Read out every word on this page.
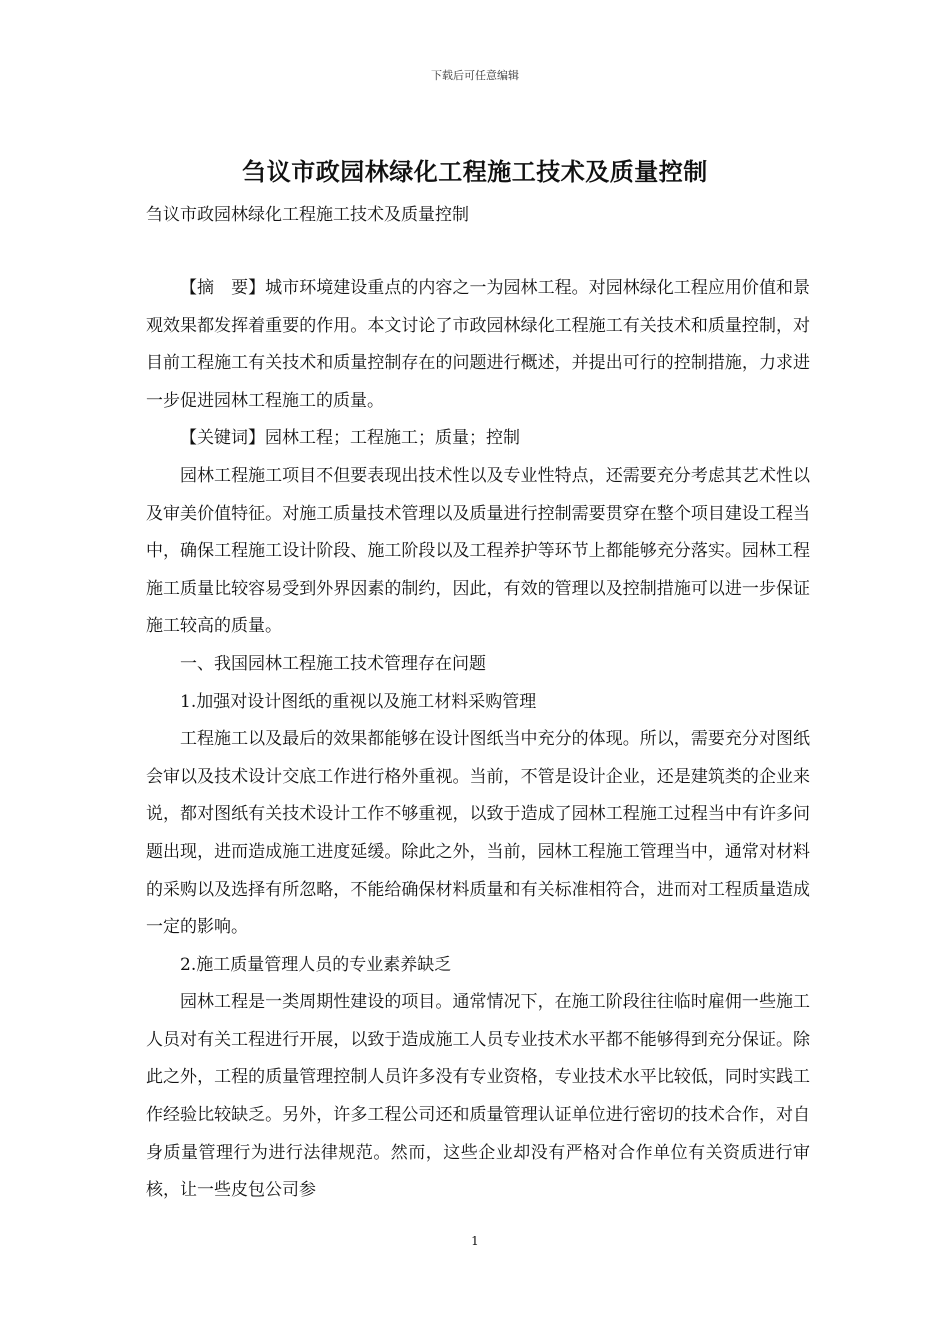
下载后可任意编辑
刍议市政园林绿化工程施工技术及质量控制
刍议市政园林绿化工程施工技术及质量控制

【摘　要】城市环境建设重点的内容之一为园林工程。对园林绿化工程应用价值和景观效果都发挥着重要的作用。本文讨论了市政园林绿化工程施工有关技术和质量控制，对目前工程施工有关技术和质量控制存在的问题进行概述，并提出可行的控制措施，力求进一步促进园林工程施工的质量。

【关键词】园林工程；工程施工；质量；控制

园林工程施工项目不但要表现出技术性以及专业性特点，还需要充分考虑其艺术性以及审美价值特征。对施工质量技术管理以及质量进行控制需要贯穿在整个项目建设工程当中，确保工程施工设计阶段、施工阶段以及工程养护等环节上都能够充分落实。园林工程施工质量比较容易受到外界因素的制约，因此，有效的管理以及控制措施可以进一步保证施工较高的质量。

一、我国园林工程施工技术管理存在问题

1.加强对设计图纸的重视以及施工材料采购管理

工程施工以及最后的效果都能够在设计图纸当中充分的体现。所以，需要充分对图纸会审以及技术设计交底工作进行格外重视。当前，不管是设计企业，还是建筑类的企业来说，都对图纸有关技术设计工作不够重视，以致于造成了园林工程施工过程当中有许多问题出现，进而造成施工进度延缓。除此之外，当前，园林工程施工管理当中，通常对材料的采购以及选择有所忽略，不能给确保材料质量和有关标准相符合，进而对工程质量造成一定的影响。

2.施工质量管理人员的专业素养缺乏

园林工程是一类周期性建设的项目。通常情况下，在施工阶段往往临时雇佣一些施工人员对有关工程进行开展，以致于造成施工人员专业技术水平都不能够得到充分保证。除此之外，工程的质量管理控制人员许多没有专业资格，专业技术水平比较低，同时实践工作经验比较缺乏。另外，许多工程公司还和质量管理认证单位进行密切的技术合作，对自身质量管理行为进行法律规范。然而，这些企业却没有严格对合作单位有关资质进行审核，让一些皮包公司参

1
